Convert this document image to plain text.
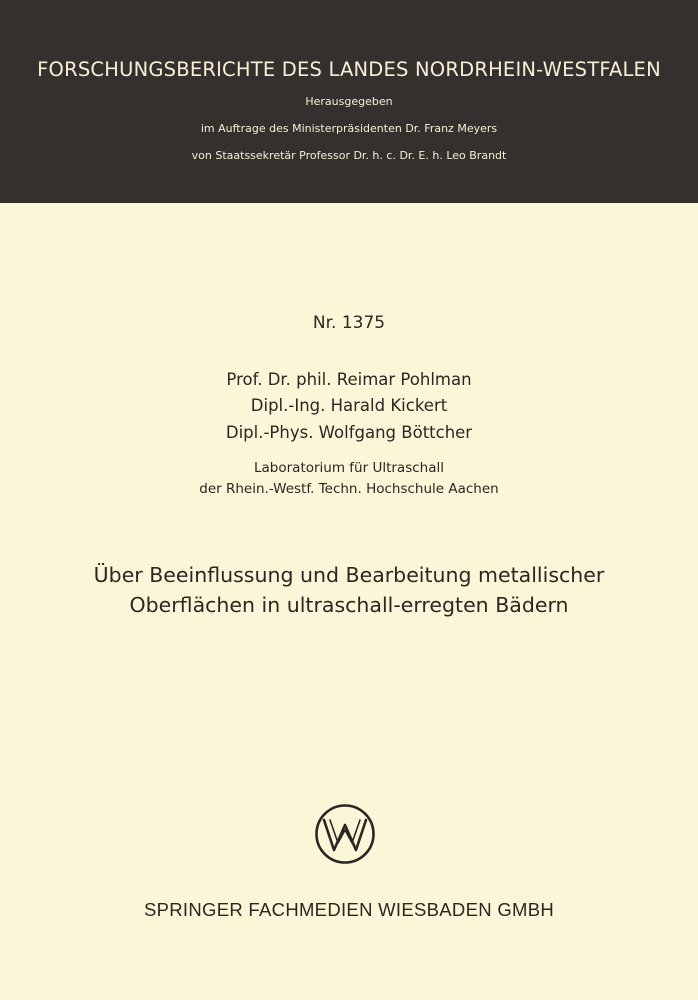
FORSCHUNGSBERICHTE DES LANDES NORDRHEIN-WESTFALEN
Herausgegeben
im Auftrage des Ministerpräsidenten Dr. Franz Meyers
von Staatssekretär Professor Dr. h. c. Dr. E. h. Leo Brandt
Nr. 1375
Prof. Dr. phil. Reimar Pohlman
Dipl.-Ing. Harald Kickert
Dipl.-Phys. Wolfgang Böttcher
Laboratorium für Ultraschall
der Rhein.-Westf. Techn. Hochschule Aachen
Über Beeinflussung und Bearbeitung metallischer
Oberflächen in ultraschall-erregten Bädern
SPRINGER FACHMEDIEN WIESBADEN GMBH
